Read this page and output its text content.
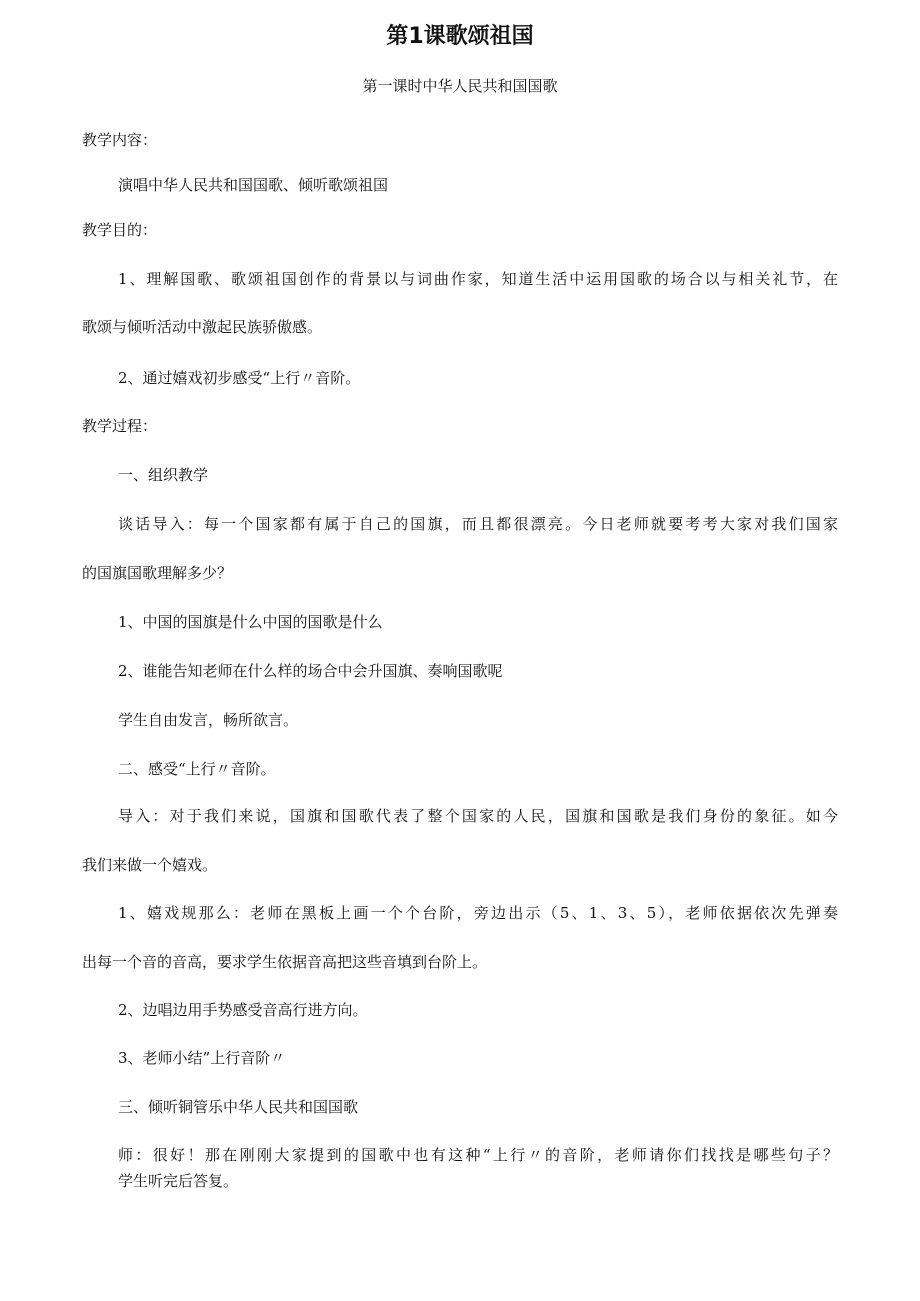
第1课歌颂祖国
第一课时中华人民共和国国歌
教学内容：
演唱中华人民共和国国歌、倾听歌颂祖国
教学目的：
1、理解国歌、歌颂祖国创作的背景以与词曲作家，知道生活中运用国歌的场合以与相关礼节，在
歌颂与倾听活动中激起民族骄傲感。
2、通过嬉戏初步感受“上行〃音阶。
教学过程：
一、组织教学
谈话导入：每一个国家都有属于自己的国旗，而且都很漂亮。今日老师就要考考大家对我们国家
的国旗国歌理解多少？
1、中国的国旗是什么中国的国歌是什么
2、谁能告知老师在什么样的场合中会升国旗、奏响国歌呢
学生自由发言，畅所欲言。
二、感受“上行〃音阶。
导入：对于我们来说，国旗和国歌代表了整个国家的人民，国旗和国歌是我们身份的象征。如今
我们来做一个嬉戏。
1、嬉戏规那么：老师在黑板上画一个个台阶，旁边出示（5、1、3、5），老师依据依次先弹奏
出每一个音的音高，要求学生依据音高把这些音填到台阶上。
2、边唱边用手势感受音高行进方向。
3、老师小结”上行音阶〃
三、倾听铜管乐中华人民共和国国歌
师：很好！那在刚刚大家提到的国歌中也有这种“上行〃的音阶，老师请你们找找是哪些句子？
学生听完后答复。
